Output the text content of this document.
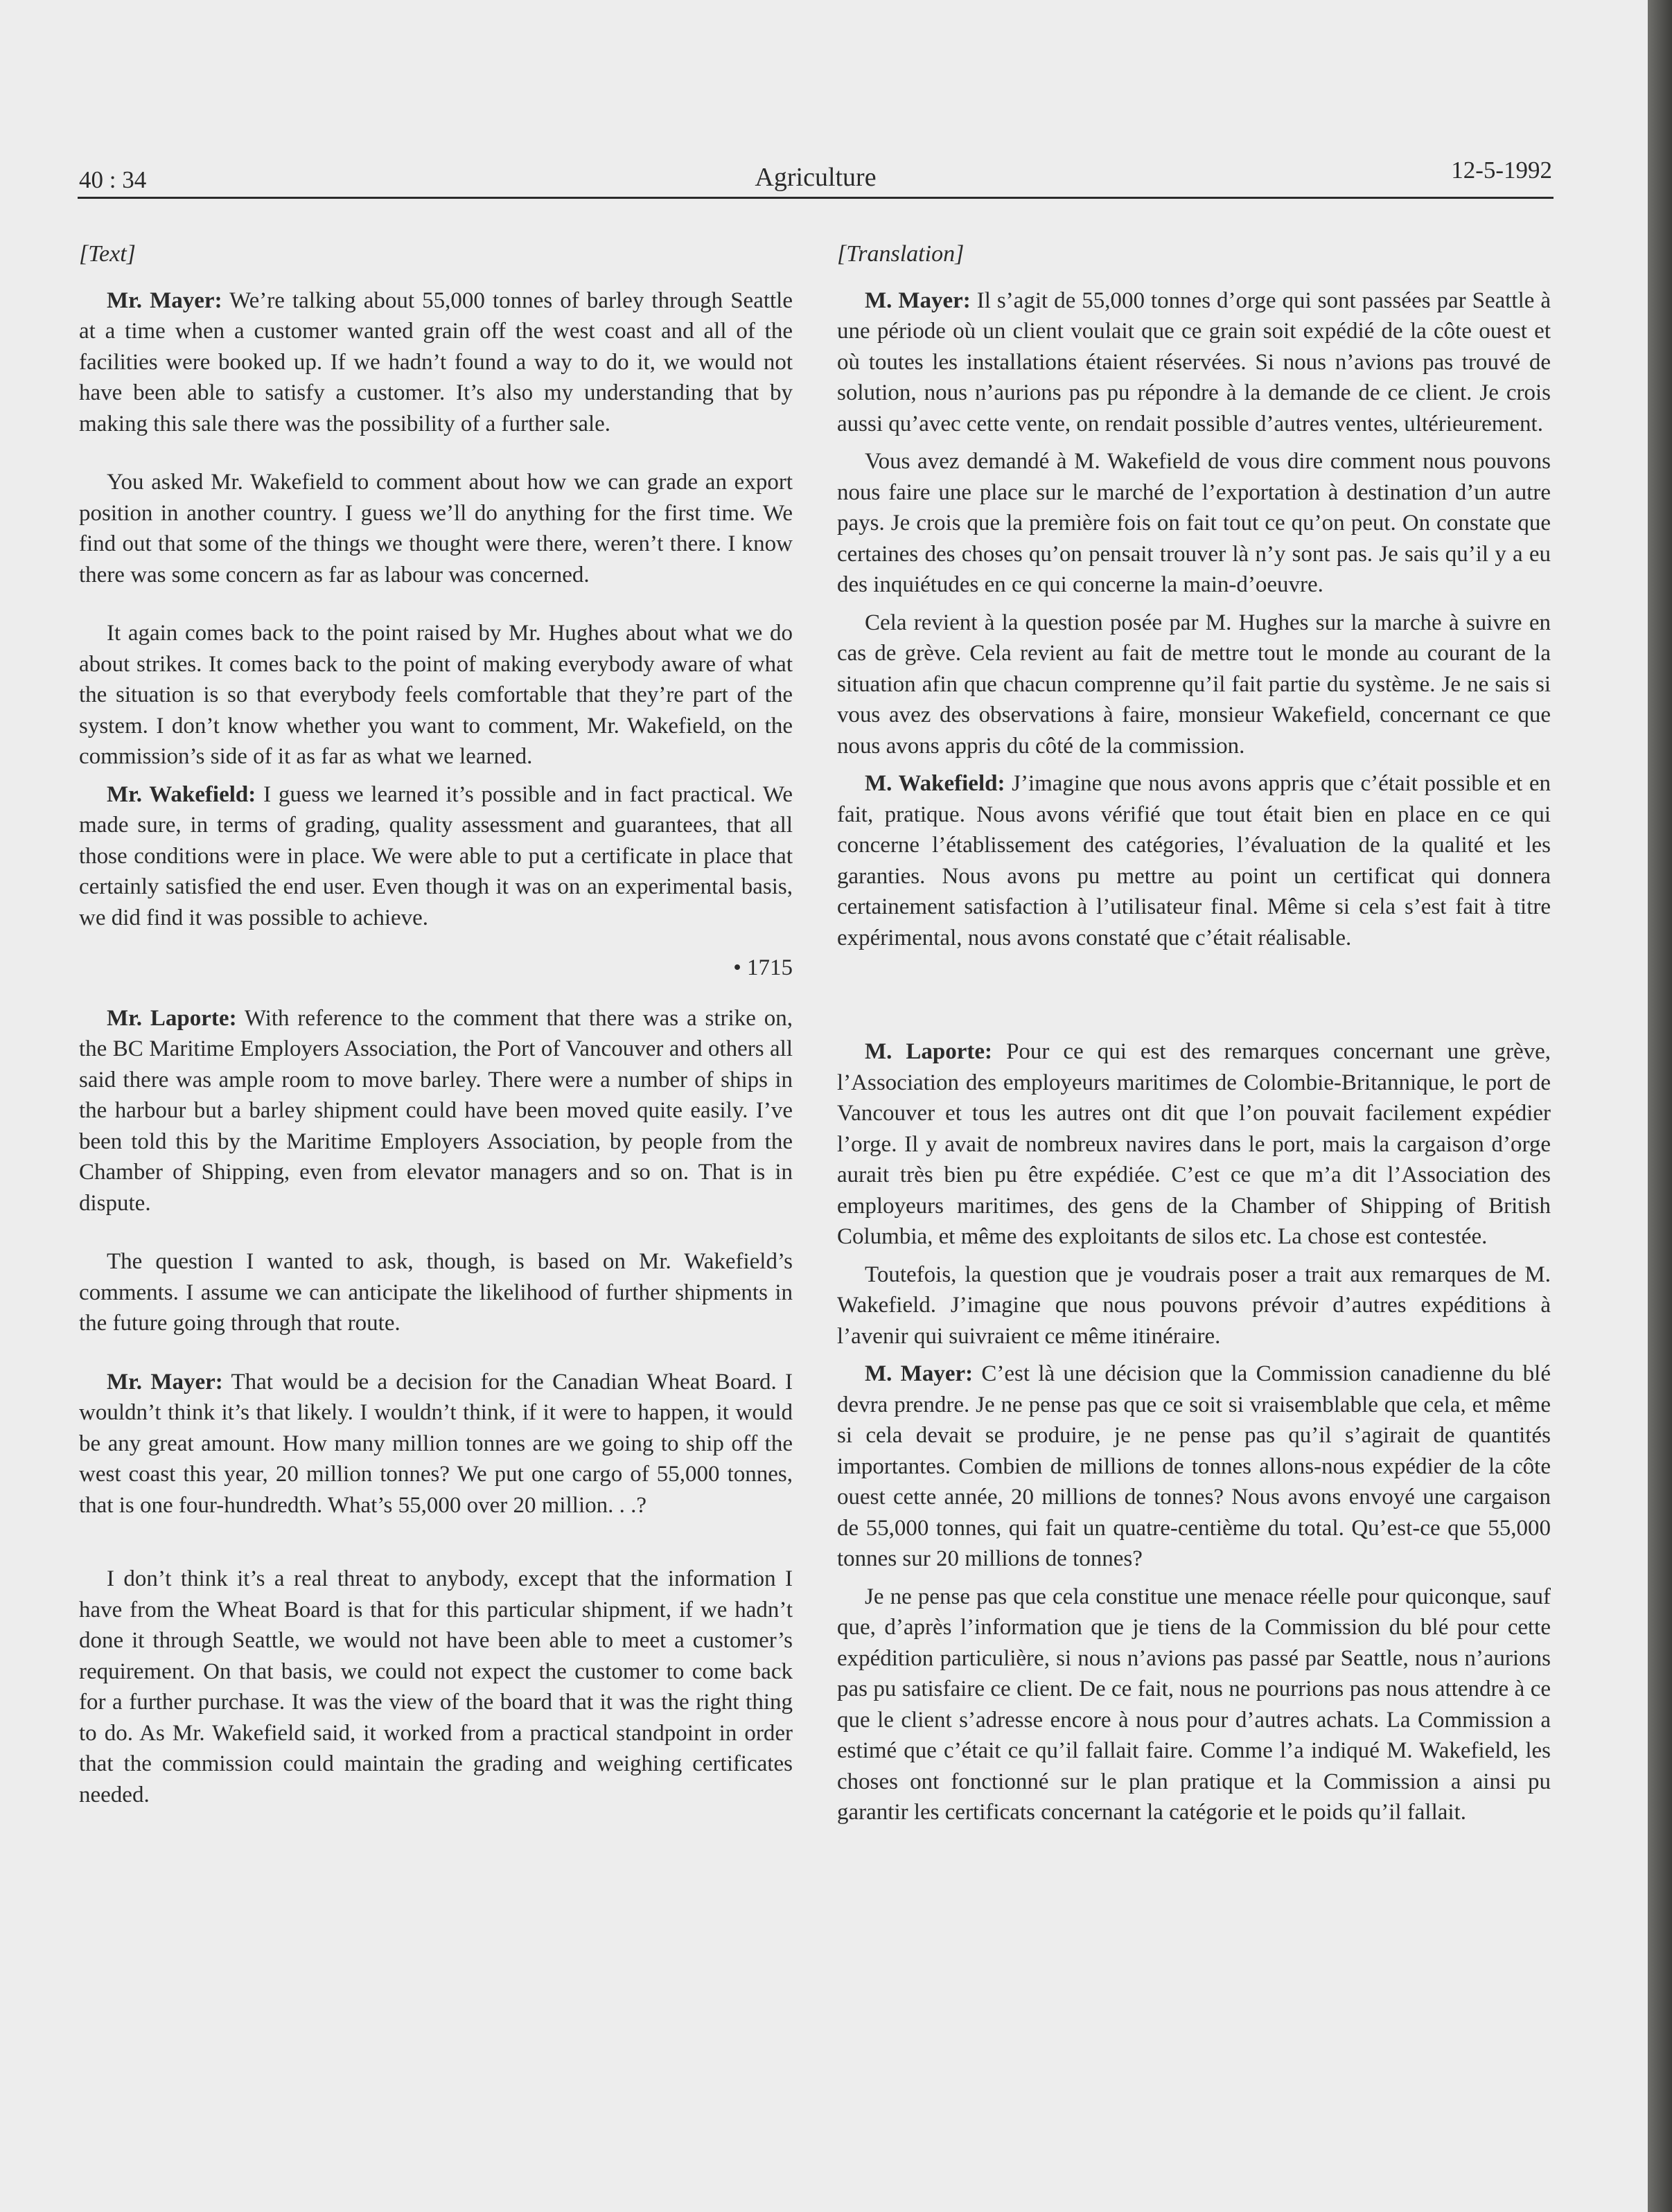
40 : 34	Agriculture	12-5-1992

[Text]

Mr. Mayer: We’re talking about 55,000 tonnes of barley through Seattle at a time when a customer wanted grain off the west coast and all of the facilities were booked up. If we hadn’t found a way to do it, we would not have been able to satisfy a customer. It’s also my understanding that by making this sale there was the possibility of a further sale.

You asked Mr. Wakefield to comment about how we can grade an export position in another country. I guess we’ll do anything for the first time. We find out that some of the things we thought were there, weren’t there. I know there was some concern as far as labour was concerned.

It again comes back to the point raised by Mr. Hughes about what we do about strikes. It comes back to the point of making everybody aware of what the situation is so that everybody feels comfortable that they’re part of the system. I don’t know whether you want to comment, Mr. Wakefield, on the commission’s side of it as far as what we learned.

Mr. Wakefield: I guess we learned it’s possible and in fact practical. We made sure, in terms of grading, quality assessment and guarantees, that all those conditions were in place. We were able to put a certificate in place that certainly satisfied the end user. Even though it was on an experimental basis, we did find it was possible to achieve.

• 1715

Mr. Laporte: With reference to the comment that there was a strike on, the BC Maritime Employers Association, the Port of Vancouver and others all said there was ample room to move barley. There were a number of ships in the harbour but a barley shipment could have been moved quite easily. I’ve been told this by the Maritime Employers Association, by people from the Chamber of Shipping, even from elevator managers and so on. That is in dispute.

The question I wanted to ask, though, is based on Mr. Wakefield’s comments. I assume we can anticipate the likelihood of further shipments in the future going through that route.

Mr. Mayer: That would be a decision for the Canadian Wheat Board. I wouldn’t think it’s that likely. I wouldn’t think, if it were to happen, it would be any great amount. How many million tonnes are we going to ship off the west coast this year, 20 million tonnes? We put one cargo of 55,000 tonnes, that is one four-hundredth. What’s 55,000 over 20 million. . .?

I don’t think it’s a real threat to anybody, except that the information I have from the Wheat Board is that for this particular shipment, if we hadn’t done it through Seattle, we would not have been able to meet a customer’s requirement. On that basis, we could not expect the customer to come back for a further purchase. It was the view of the board that it was the right thing to do. As Mr. Wakefield said, it worked from a practical standpoint in order that the commission could maintain the grading and weighing certificates needed.

[Translation]

M. Mayer: Il s’agit de 55,000 tonnes d’orge qui sont passées par Seattle à une période où un client voulait que ce grain soit expédié de la côte ouest et où toutes les installations étaient réservées. Si nous n’avions pas trouvé de solution, nous n’aurions pas pu répondre à la demande de ce client. Je crois aussi qu’avec cette vente, on rendait possible d’autres ventes, ultérieurement.

Vous avez demandé à M. Wakefield de vous dire comment nous pouvons nous faire une place sur le marché de l’exportation à destination d’un autre pays. Je crois que la première fois on fait tout ce qu’on peut. On constate que certaines des choses qu’on pensait trouver là n’y sont pas. Je sais qu’il y a eu des inquiétudes en ce qui concerne la main-d’oeuvre.

Cela revient à la question posée par M. Hughes sur la marche à suivre en cas de grève. Cela revient au fait de mettre tout le monde au courant de la situation afin que chacun comprenne qu’il fait partie du système. Je ne sais si vous avez des observations à faire, monsieur Wakefield, concernant ce que nous avons appris du côté de la commission.

M. Wakefield: J’imagine que nous avons appris que c’était possible et en fait, pratique. Nous avons vérifié que tout était bien en place en ce qui concerne l’établissement des catégories, l’évaluation de la qualité et les garanties. Nous avons pu mettre au point un certificat qui donnera certainement satisfaction à l’utilisateur final. Même si cela s’est fait à titre expérimental, nous avons constaté que c’était réalisable.

M. Laporte: Pour ce qui est des remarques concernant une grève, l’Association des employeurs maritimes de Colombie-Britannique, le port de Vancouver et tous les autres ont dit que l’on pouvait facilement expédier l’orge. Il y avait de nombreux navires dans le port, mais la cargaison d’orge aurait très bien pu être expédiée. C’est ce que m’a dit l’Association des employeurs maritimes, des gens de la Chamber of Shipping of British Columbia, et même des exploitants de silos etc. La chose est contestée.

Toutefois, la question que je voudrais poser a trait aux remarques de M. Wakefield. J’imagine que nous pouvons prévoir d’autres expéditions à l’avenir qui suivraient ce même itinéraire.

M. Mayer: C’est là une décision que la Commission canadienne du blé devra prendre. Je ne pense pas que ce soit si vraisemblable que cela, et même si cela devait se produire, je ne pense pas qu’il s’agirait de quantités importantes. Combien de millions de tonnes allons-nous expédier de la côte ouest cette année, 20 millions de tonnes? Nous avons envoyé une cargaison de 55,000 tonnes, qui fait un quatre-centième du total. Qu’est-ce que 55,000 tonnes sur 20 millions de tonnes?

Je ne pense pas que cela constitue une menace réelle pour quiconque, sauf que, d’après l’information que je tiens de la Commission du blé pour cette expédition particulière, si nous n’avions pas passé par Seattle, nous n’aurions pas pu satisfaire ce client. De ce fait, nous ne pourrions pas nous attendre à ce que le client s’adresse encore à nous pour d’autres achats. La Commission a estimé que c’était ce qu’il fallait faire. Comme l’a indiqué M. Wakefield, les choses ont fonctionné sur le plan pratique et la Commission a ainsi pu garantir les certificats concernant la catégorie et le poids qu’il fallait.
